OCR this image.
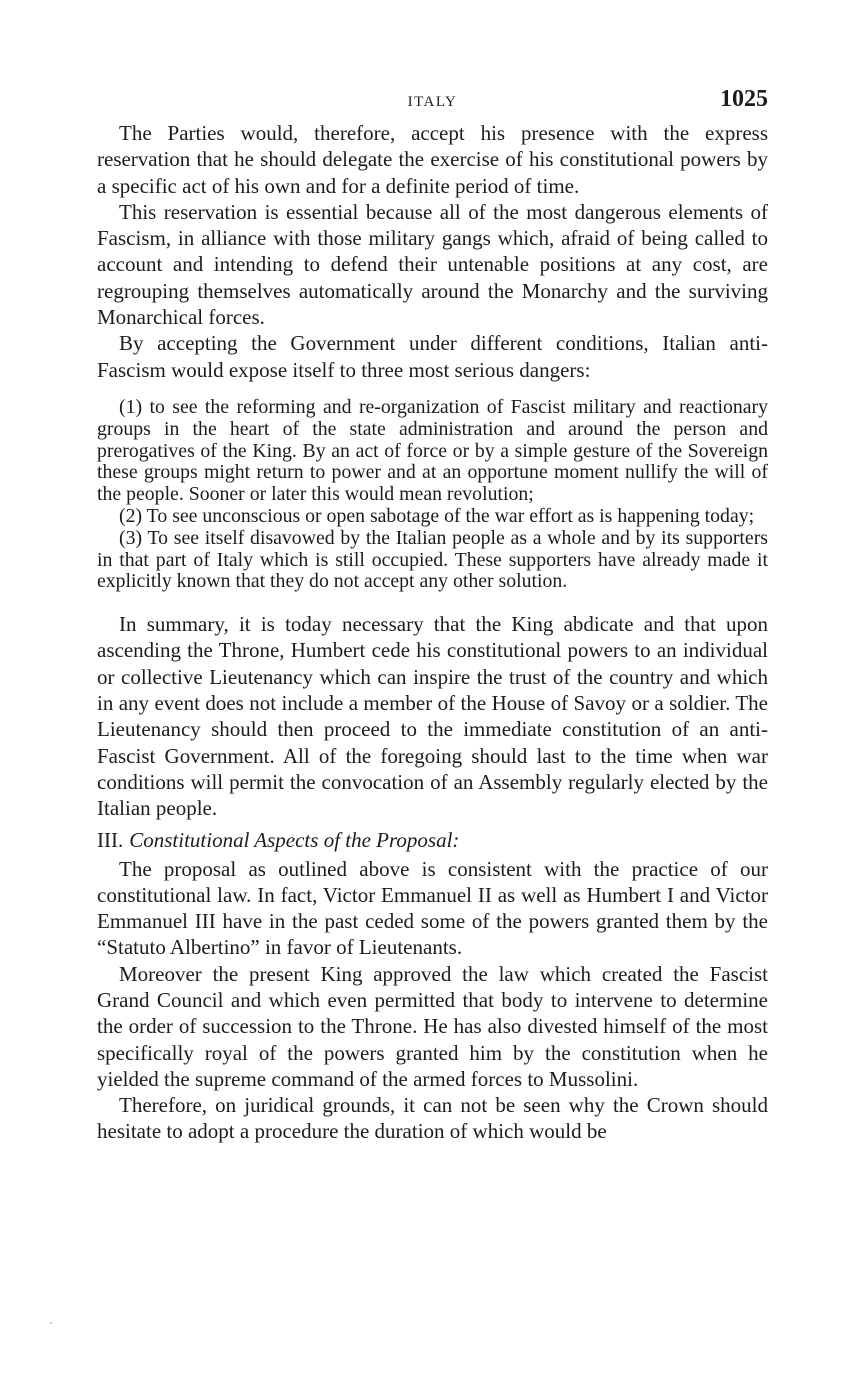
ITALY	1025

The Parties would, therefore, accept his presence with the express reservation that he should delegate the exercise of his constitutional powers by a specific act of his own and for a definite period of time.

This reservation is essential because all of the most dangerous elements of Fascism, in alliance with those military gangs which, afraid of being called to account and intending to defend their untenable positions at any cost, are regrouping themselves automatically around the Monarchy and the surviving Monarchical forces.

By accepting the Government under different conditions, Italian anti-Fascism would expose itself to three most serious dangers:

(1) to see the reforming and re-organization of Fascist military and reactionary groups in the heart of the state administration and around the person and prerogatives of the King. By an act of force or by a simple gesture of the Sovereign these groups might return to power and at an opportune moment nullify the will of the people. Sooner or later this would mean revolution;

(2) To see unconscious or open sabotage of the war effort as is happening today;

(3) To see itself disavowed by the Italian people as a whole and by its supporters in that part of Italy which is still occupied. These supporters have already made it explicitly known that they do not accept any other solution.

In summary, it is today necessary that the King abdicate and that upon ascending the Throne, Humbert cede his constitutional powers to an individual or collective Lieutenancy which can inspire the trust of the country and which in any event does not include a member of the House of Savoy or a soldier. The Lieutenancy should then proceed to the immediate constitution of an anti-Fascist Government. All of the foregoing should last to the time when war conditions will permit the convocation of an Assembly regularly elected by the Italian people.

III. Constitutional Aspects of the Proposal:

The proposal as outlined above is consistent with the practice of our constitutional law. In fact, Victor Emmanuel II as well as Humbert I and Victor Emmanuel III have in the past ceded some of the powers granted them by the “Statuto Albertino” in favor of Lieutenants.

Moreover the present King approved the law which created the Fascist Grand Council and which even permitted that body to intervene to determine the order of succession to the Throne. He has also divested himself of the most specifically royal of the powers granted him by the constitution when he yielded the supreme command of the armed forces to Mussolini.

Therefore, on juridical grounds, it can not be seen why the Crown should hesitate to adopt a procedure the duration of which would be
